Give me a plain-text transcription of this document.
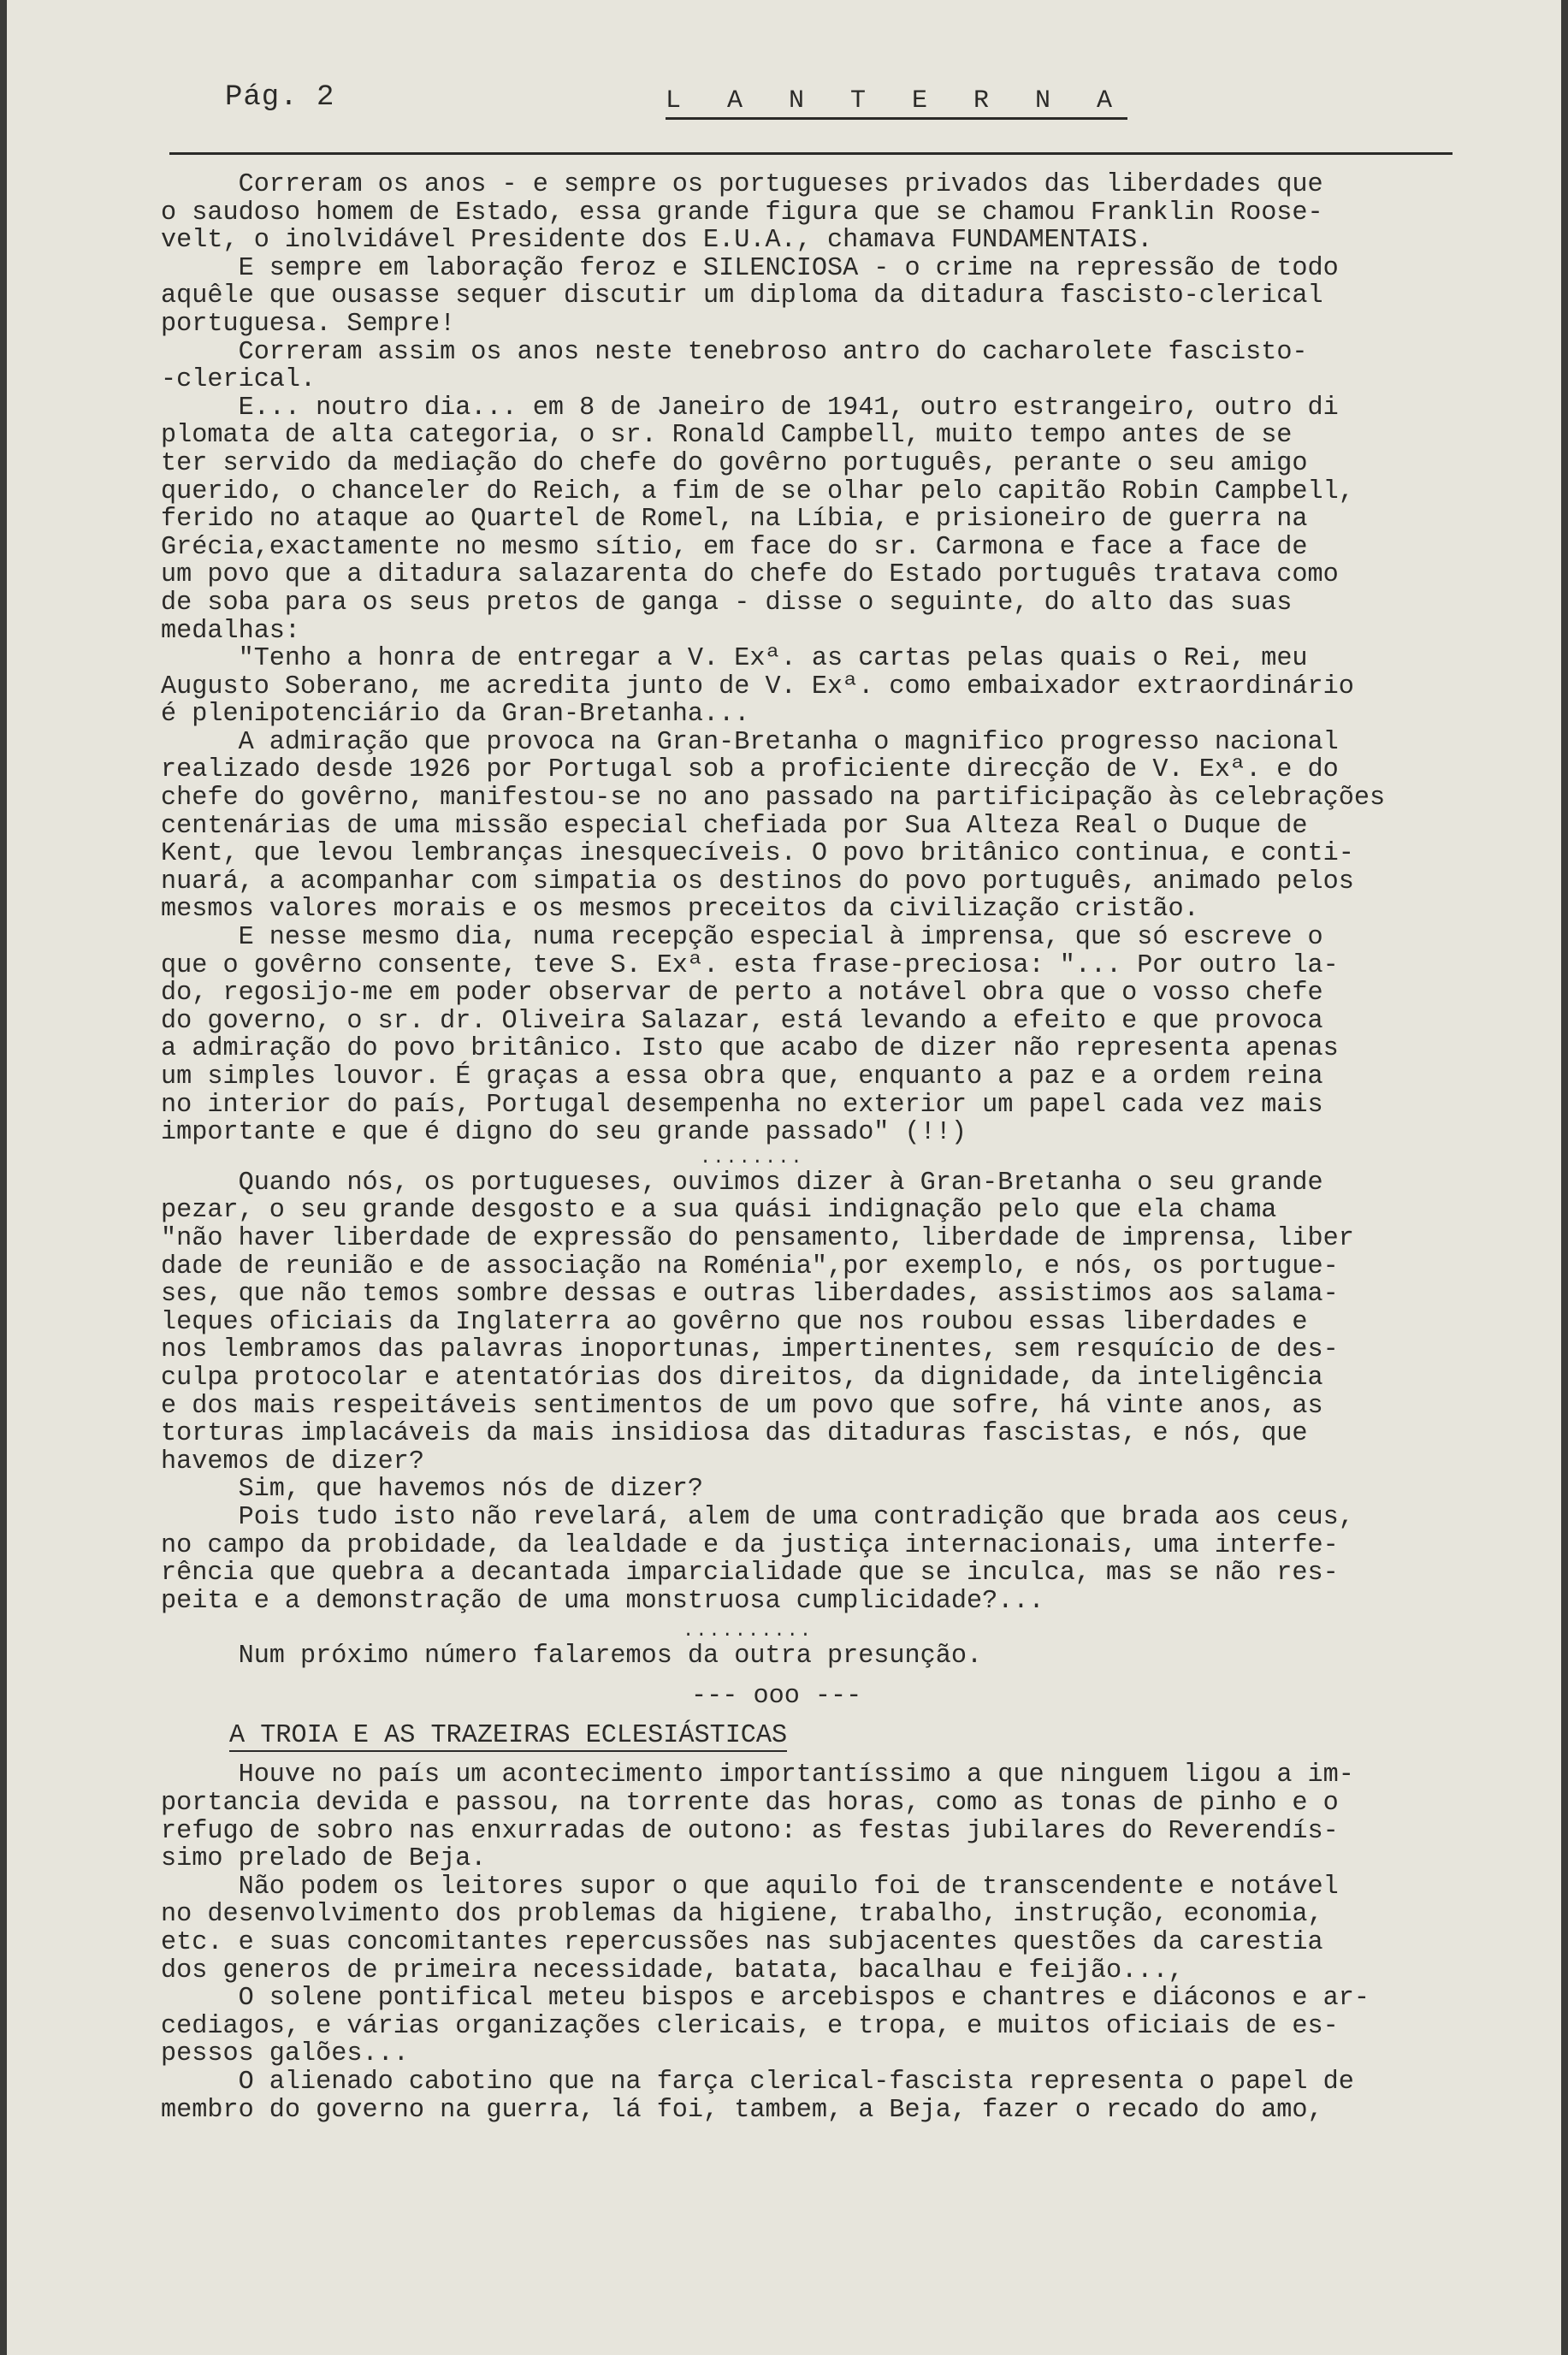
Pág. 2	L A N T E R N A

Correram os anos - e sempre os portugueses privados das liberdades que
o saudoso homem de Estado, essa grande figura que se chamou Franklin Roose-
velt, o inolvidável Presidente dos E.U.A., chamava FUNDAMENTAIS.

E sempre em laboração feroz e SILENCIOSA - o crime na repressão de todo
aquêle que ousasse sequer discutir um diploma da ditadura fascisto-clerical
portuguesa. Sempre!

Correram assim os anos neste tenebroso antro do cacharolete fascisto-
-clerical.

E... noutro dia... em 8 de Janeiro de 1941, outro estrangeiro, outro di
plomata de alta categoria, o sr. Ronald Campbell, muito tempo antes de se
ter servido da mediação do chefe do govêrno português, perante o seu amigo
querido, o chanceler do Reich, a fim de se olhar pelo capitão Robin Campbell,
ferido no ataque ao Quartel de Romel, na Líbia, e prisioneiro de guerra na
Grécia,exactamente no mesmo sítio, em face do sr. Carmona e face a face de
um povo que a ditadura salazarenta do chefe do Estado português tratava como
de soba para os seus pretos de ganga - disse o seguinte, do alto das suas
medalhas:

"Tenho a honra de entregar a V. Exª. as cartas pelas quais o Rei, meu
Augusto Soberano, me acredita junto de V. Exª. como embaixador extraordinário
é plenipotenciário da Gran-Bretanha...

A admiração que provoca na Gran-Bretanha o magnifico progresso nacional
realizado desde 1926 por Portugal sob a proficiente direcção de V. Exª. e do
chefe do govêrno, manifestou-se no ano passado na partificipação às celebrações
centenárias de uma missão especial chefiada por Sua Alteza Real o Duque de
Kent, que levou lembranças inesquecíveis. O povo britânico continua, e conti-
nuará, a acompanhar com simpatia os destinos do povo português, animado pelos
mesmos valores morais e os mesmos preceitos da civilização cristão.

E nesse mesmo dia, numa recepção especial à imprensa, que só escreve o
que o govêrno consente, teve S. Exª. esta frase-preciosa: "... Por outro la-
do, regosijo-me em poder observar de perto a notável obra que o vosso chefe
do governo, o sr. dr. Oliveira Salazar, está levando a efeito e que provoca
a admiração do povo britânico. Isto que acabo de dizer não representa apenas
um simples louvor. É graças a essa obra que, enquanto a paz e a ordem reina
no interior do país, Portugal desempenha no exterior um papel cada vez mais
importante e que é digno do seu grande passado" (!!)

........

Quando nós, os portugueses, ouvimos dizer à Gran-Bretanha o seu grande
pezar, o seu grande desgosto e a sua quási indignação pelo que ela chama
"não haver liberdade de expressão do pensamento, liberdade de imprensa, liber
dade de reunião e de associação na Roménia",por exemplo, e nós, os portugue-
ses, que não temos sombre dessas e outras liberdades, assistimos aos salama-
leques oficiais da Inglaterra ao govêrno que nos roubou essas liberdades e
nos lembramos das palavras inoportunas, impertinentes, sem resquício de des-
culpa protocolar e atentatórias dos direitos, da dignidade, da inteligência
e dos mais respeitáveis sentimentos de um povo que sofre, há vinte anos, as
torturas implacáveis da mais insidiosa das ditaduras fascistas, e nós, que
havemos de dizer?

Sim, que havemos nós de dizer?

Pois tudo isto não revelará, alem de uma contradição que brada aos ceus,
no campo da probidade, da lealdade e da justiça internacionais, uma interfe-
rência que quebra a decantada imparcialidade que se inculca, mas se não res-
peita e a demonstração de uma monstruosa cumplicidade?...

..........

Num próximo número falaremos da outra presunção.

--- ooo ---

A TROIA E AS TRAZEIRAS ECLESIÁSTICAS

Houve no país um acontecimento importantíssimo a que ninguem ligou a im-
portancia devida e passou, na torrente das horas, como as tonas de pinho e o
refugo de sobro nas enxurradas de outono: as festas jubilares do Reverendís-
simo prelado de Beja.

Não podem os leitores supor o que aquilo foi de transcendente e notável
no desenvolvimento dos problemas da higiene, trabalho, instrução, economia,
etc. e suas concomitantes repercussões nas subjacentes questões da carestia
dos generos de primeira necessidade, batata, bacalhau e feijão...,

O solene pontifical meteu bispos e arcebispos e chantres e diáconos e ar-
cediagos, e várias organizações clericais, e tropa, e muitos oficiais de es-
pessos galões...

O alienado cabotino que na farça clerical-fascista representa o papel de
membro do governo na guerra, lá foi, tambem, a Beja, fazer o recado do amo,
